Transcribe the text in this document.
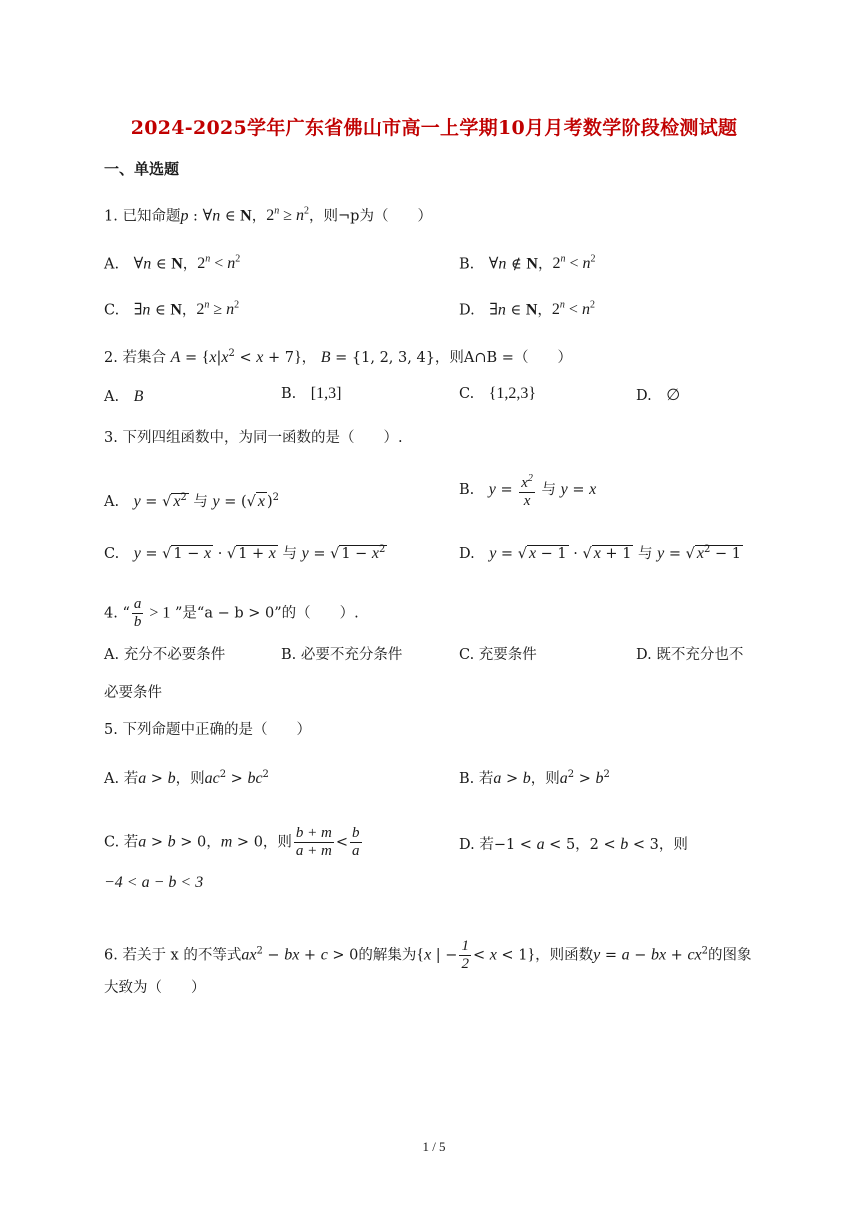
2024-2025学年广东省佛山市高一上学期10月月考数学阶段检测试题
一、单选题
1. 已知命题p : ∀n ∈ N，$2^n \ge n^2$，则¬p为（　　）
A.　 ∀n ∈ N，$2^n < n^2$	B.　 ∀n ∉ N，$2^n < n^2$
C.　 ∃n ∈ N，$2^n \ge n^2$	D.　 ∃n ∈ N，$2^n < n^2$
2. 若集合 $A = \{x|x^2 < x + 7\}$， B = {1, 2, 3, 4}，则A∩B =（　　）
A.　 B	B.　 [1,3]	C.　 {1,2,3}	D.　 ∅
3. 下列四组函数中，为同一函数的是（　　）.
A.　 y = √ $x^2$ 与 y = (√ x )$^2$	B.　 $y = \frac{x^2}{x}$ 与 y = x
C.　 y = √ 1 − x · √ 1 + x 与 y = √ $1 - x^2$	D.　 y = √ x − 1 · √ x + 1 与 y = √ $x^2 - 1$
4. “ $\frac{a}{b} > 1$ ”是“a − b > 0”的（　　）.
A. 充分不必要条件	B. 必要不充分条件	C. 充要条件	D. 既不充分也不
必要条件
5. 下列命题中正确的是（　　）
A. 若a > b，则$ac^2 > bc^2$	B. 若a > b，则$a^2 > b^2$
C. 若a > b > 0，m > 0，则 $\frac{b + m}{a + m} < \frac{b}{a}$	D. 若−1 < a < 5，2 < b < 3，则
−4 < a − b < 3
6. 若关于 x 的不等式$ax^2$ − bx + c > 0的解集为{x | − $\frac{1}{2} < x < 1$}，则函数y = a − bx + $cx^2$的图象
大致为（　　）
1 / 5
